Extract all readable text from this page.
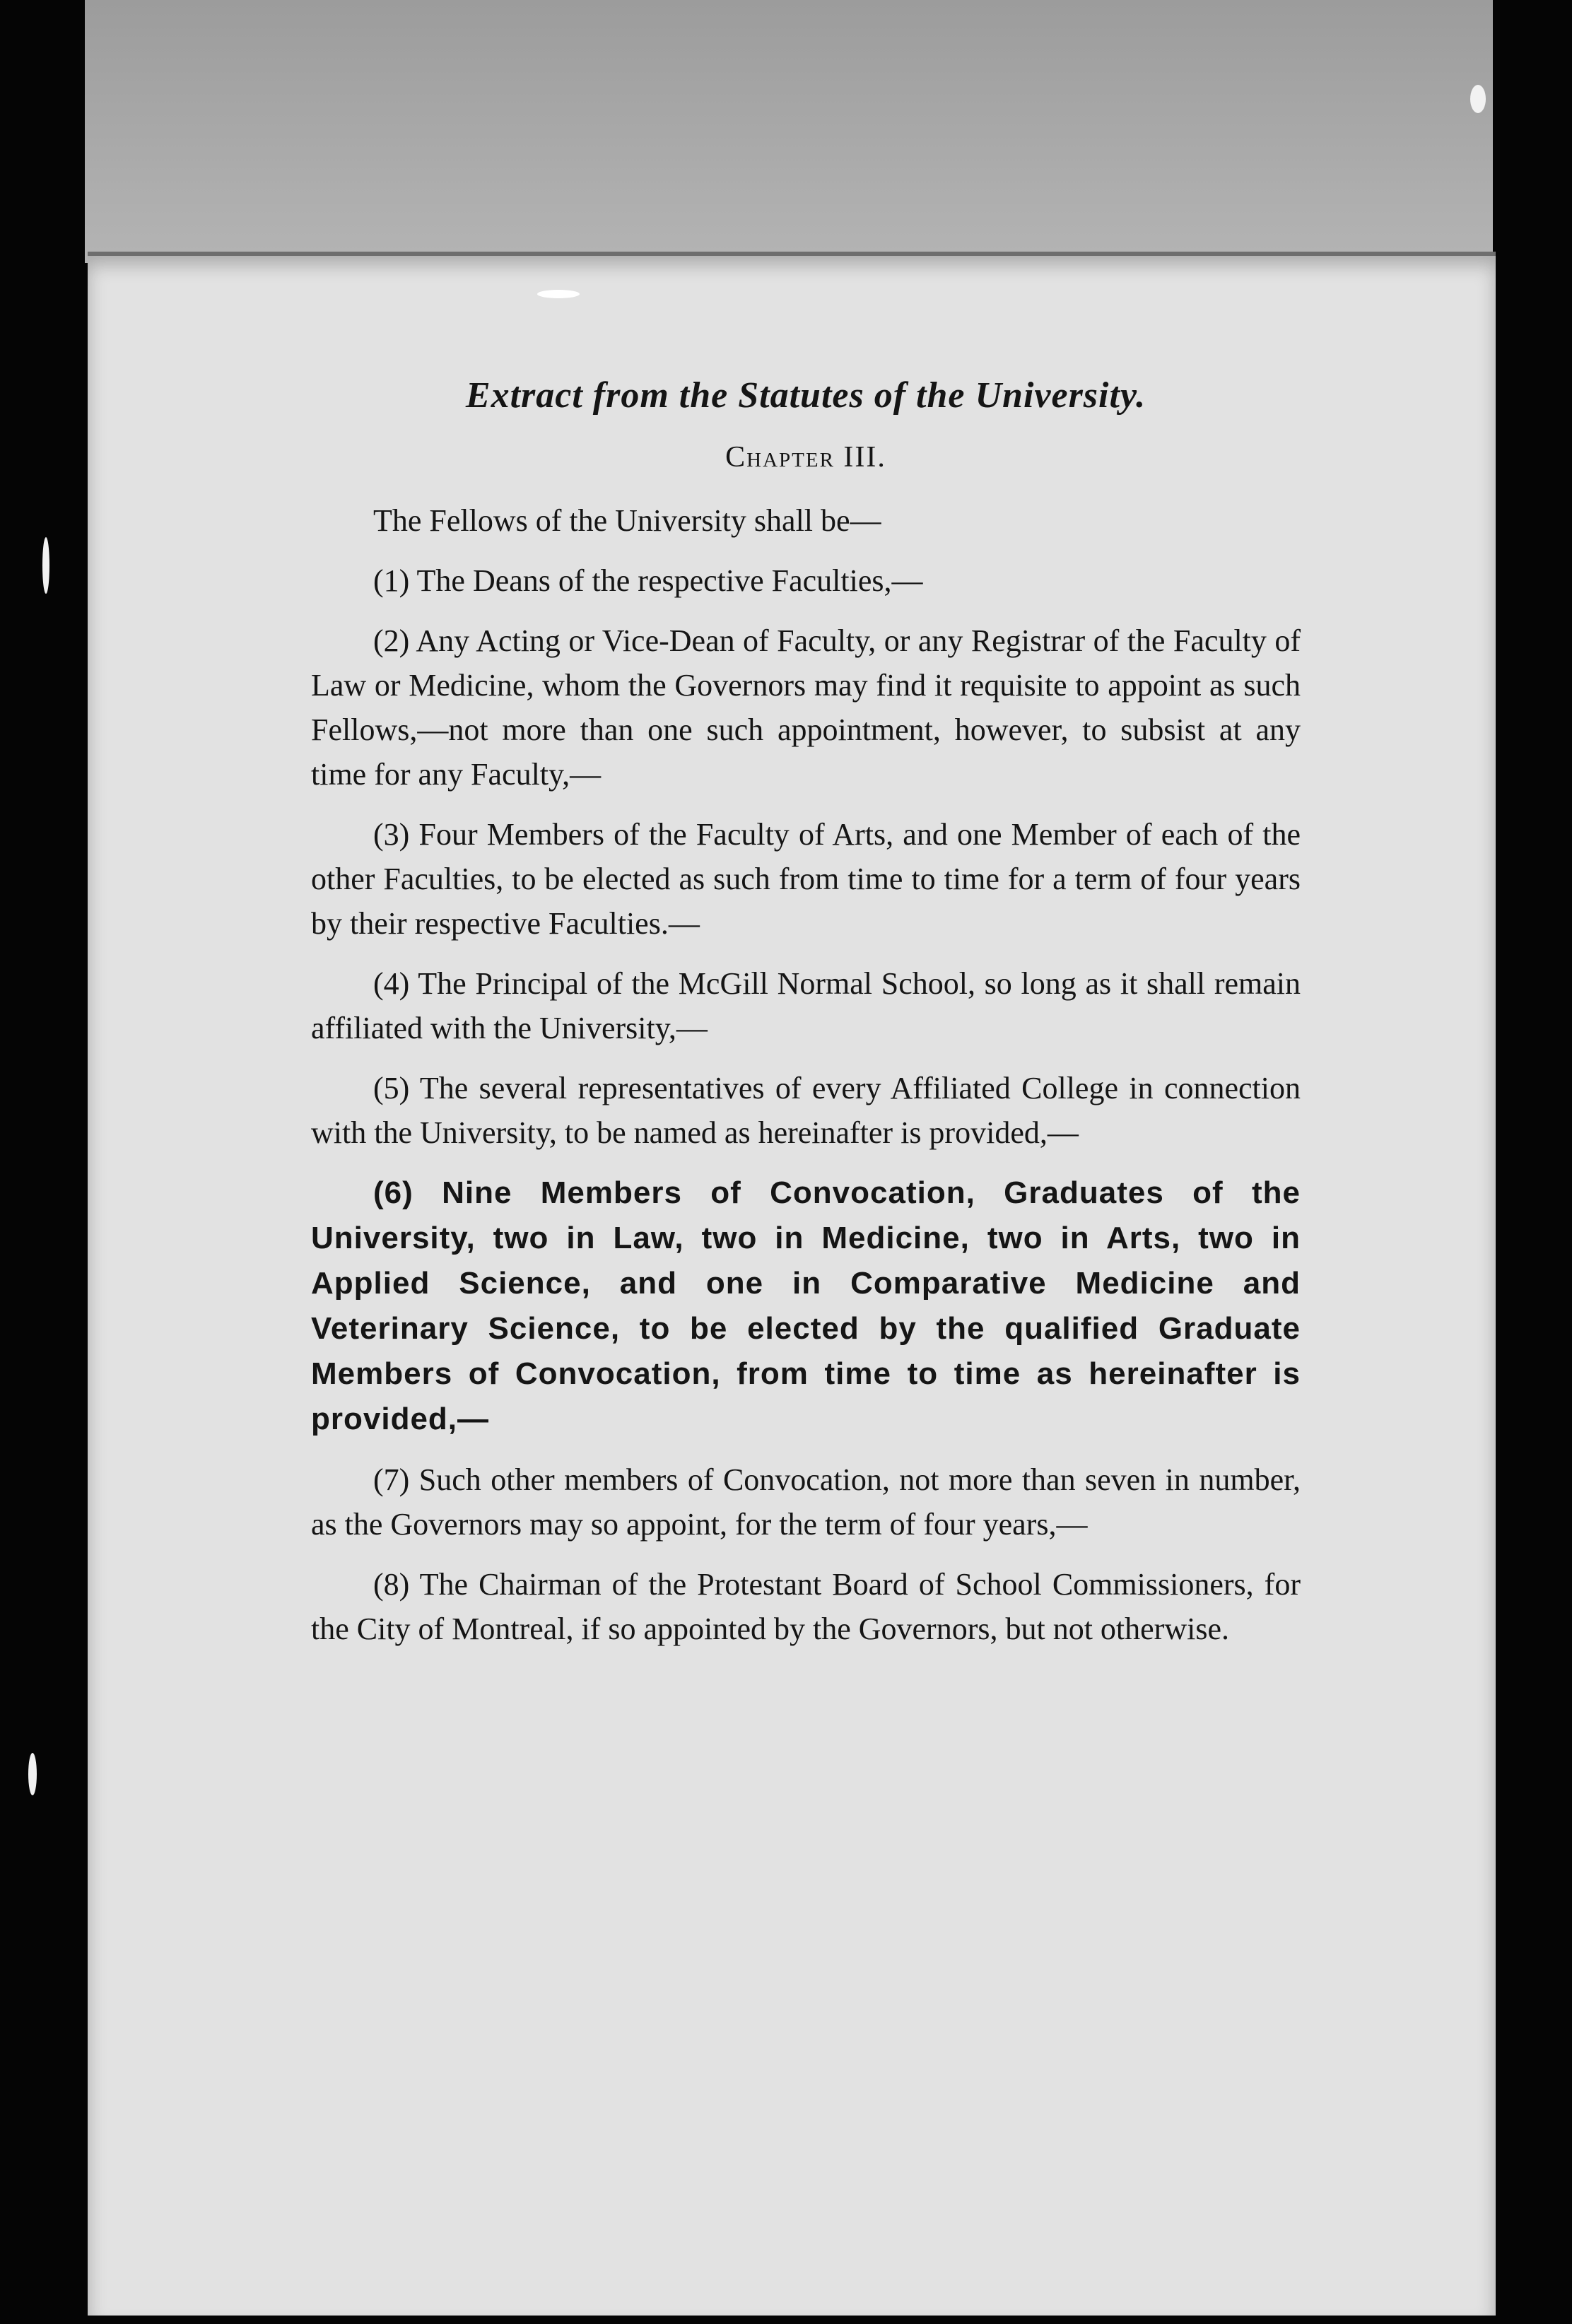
Extract from the Statutes of the University.
Chapter III.

The Fellows of the University shall be—

(1) The Deans of the respective Faculties,—

(2) Any Acting or Vice-Dean of Faculty, or any Registrar of the Faculty of Law or Medicine, whom the Governors may find it requisite to appoint as such Fellows,—not more than one such appointment, however, to subsist at any time for any Faculty,—

(3) Four Members of the Faculty of Arts, and one Member of each of the other Faculties, to be elected as such from time to time for a term of four years by their respective Faculties.—

(4) The Principal of the McGill Normal School, so long as it shall remain affiliated with the University,—

(5) The several representatives of every Affiliated College in connection with the University, to be named as hereinafter is provided,—

(6) Nine Members of Convocation, Graduates of the University, two in Law, two in Medicine, two in Arts, two in Applied Science, and one in Comparative Medicine and Veterinary Science, to be elected by the qualified Graduate Members of Convocation, from time to time as hereinafter is provided,—

(7) Such other members of Convocation, not more than seven in number, as the Governors may so appoint, for the term of four years,—

(8) The Chairman of the Protestant Board of School Commissioners, for the City of Montreal, if so appointed by the Governors, but not otherwise.
